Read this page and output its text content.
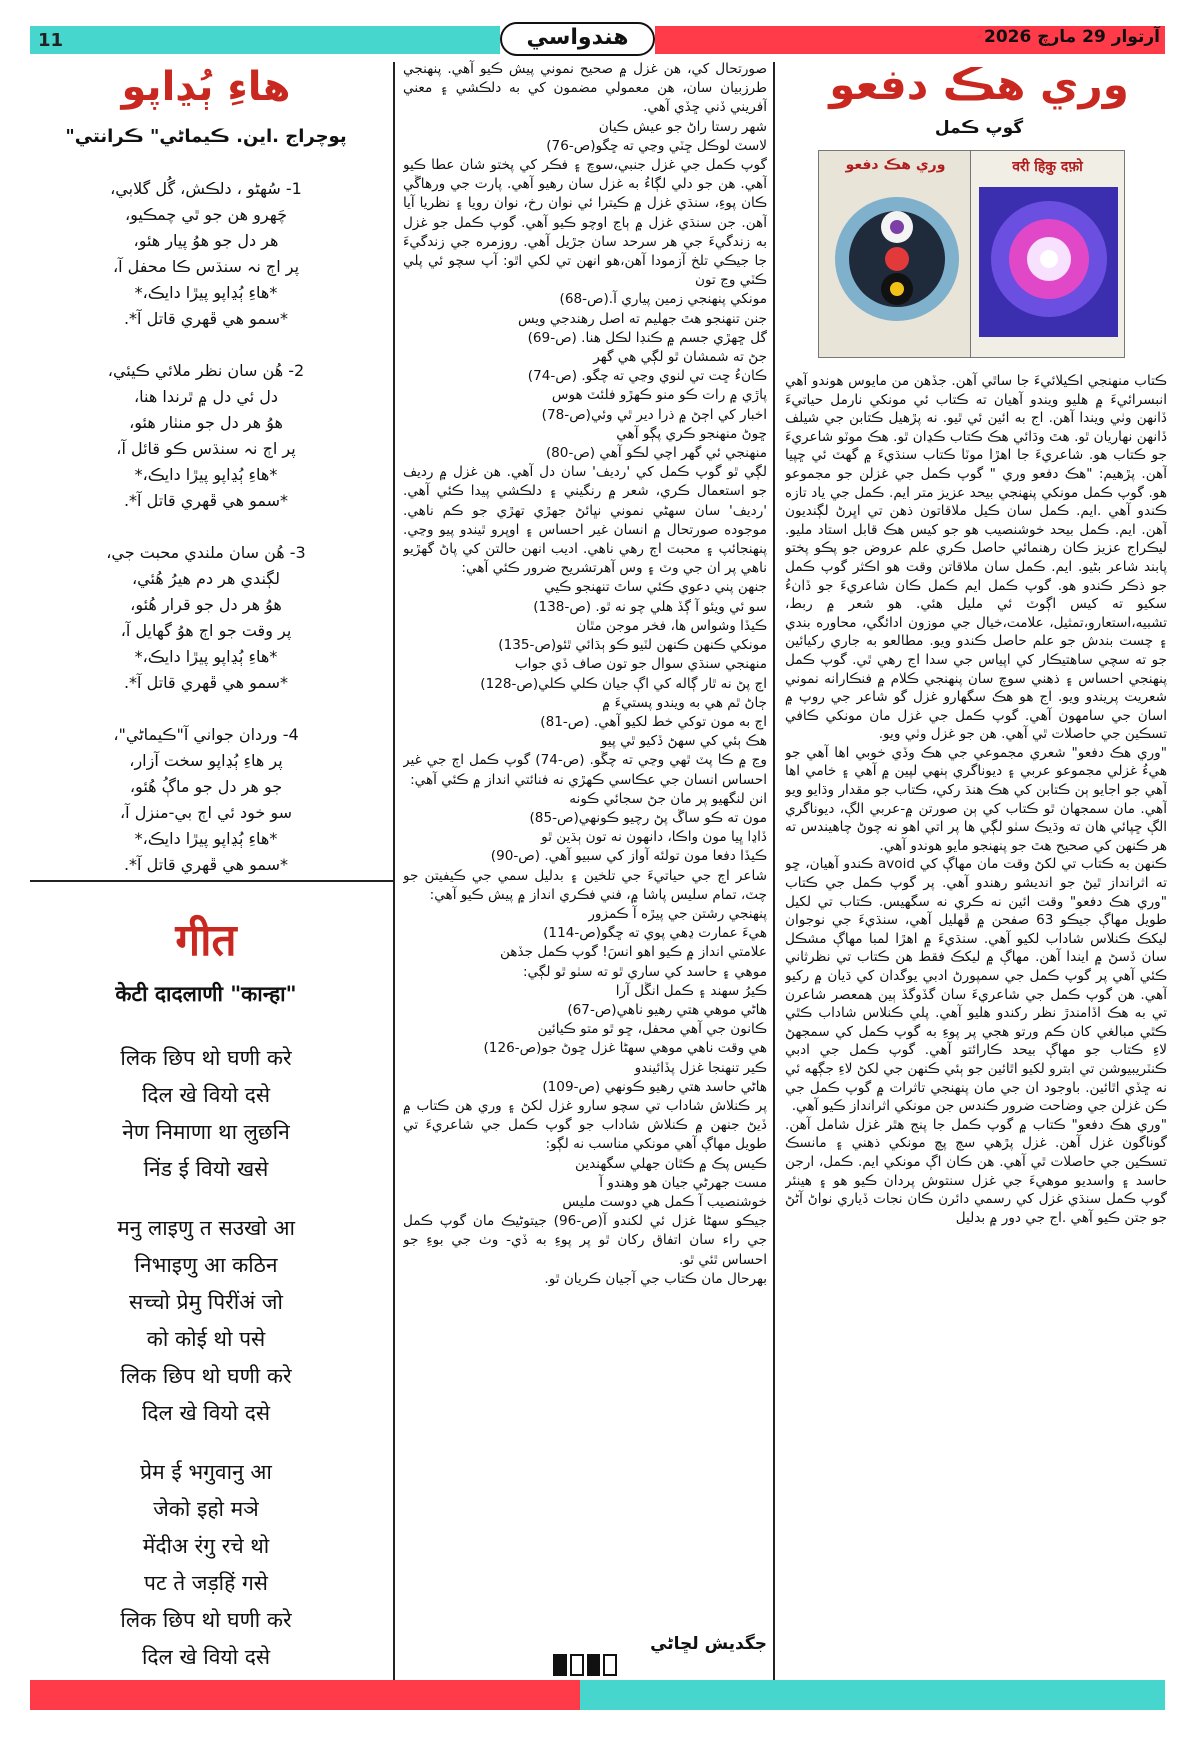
11	هندواسي	آرتوار 29 مارچ 2026
وري هڪ دفعو
گوپ ڪمل
وري هڪ دفعو	वरी हिकु दफ़ो

ڪتاب منهنجي اڪيلائيءَ جا ساٿي آهن. جڏهن من مايوس هوندو آهي انبسرائيءَ ۾ هليو ويندو آهيان ته ڪتاب ئي مونکي نارمل حياتيءَ ڏانهن وٺي ويندا آهن. اج به ائين ئي ٿيو. نه پڙهيل ڪتابن جي شيلف ڏانهن نهاريان ٿو. هٿ وڌائي هڪ ڪتاب ڪڍان ٿو. هڪ موٽو شاعريءَ جو ڪتاب هو. شاعريءَ جا اهڙا موٽا ڪتاب سنڌيءَ ۾ گهٽ ئي ڇپيا آهن. پڙهيم: "هڪ دفعو وري " گوپ ڪمل جي غزلن جو مجموعو هو. گوپ ڪمل مونکي پنهنجي بيحد عزيز متر ايم. ڪمل جي ياد تازه ڪندو آهي .ايم. ڪمل سان ڪيل ملاقاتون ذهن تي اڀرڻ لڳنديون آهن. ايم. ڪمل بيحد خوشنصيب هو جو کيس هڪ قابل استاد مليو. ليڪراج عزيز ڪان رهنمائي حاصل ڪري علم عروض جو پڪو پختو پابند شاعر بڻيو. ايم. ڪمل سان ملاقاتن وقت هو اڪثر گوپ ڪمل جو ذڪر ڪندو هو. گوپ ڪمل ايم ڪمل ڪان شاعريءَ جو ڏانءُ سکيو ته کيس اڳوٽ ئي مليل هئي. هو شعر ۾ ربط، تشبيه،استعارو،تمثيل، علامت،خيال جي موزون ادائگي، محاوره بندي ۽ چست بندش جو علم حاصل ڪندو ويو. مطالعو به جاري رکيائين جو ته سچي ساهتيڪار کي اپياس جي سدا اڃ رهي ٿي. گوپ ڪمل پنهنجي احساس ۽ ذهني سوچ سان پنهنجي ڪلام ۾ فنڪارانه نموني شعريت پريندو ويو. اج هو هڪ سگهارو غزل گو شاعر جي روپ ۾ اسان جي سامهون آهي. گوپ ڪمل جي غزل مان مونکي ڪافي تسڪين جي حاصلات ٿي آهي. هن جو غزل وٺي ويو.

"وري هڪ دفعو" شعري مجموعي جي هڪ وڏي خوبي اها آهي جو هيءُ غزلي مجموعو عربي ۽ ديوناگري ٻنهي لپين ۾ آهي ۽ خامي اها آهي جو اجايو ٻن ڪتابن کي هڪ هنڌ رکي، ڪتاب جو مقدار وڌايو ويو آهي. مان سمجهان ٿو ڪتاب کي ٻن صورتن ۾-عربي الڳ، ديوناگري الڳ ڇپائي هان ته وڌيڪ سٺو لڳي ها پر اتي اهو نه چوڻ چاهيندس ته هر ڪنهن کي صحيح هٿ جو پنهنجو مايو هوندو آهي.

ڪنهن به ڪتاب تي لکڻ وقت مان مهاڳ کي avoid ڪندو آهيان، ڇو ته اثرانداز ٿيڻ جو انديشو رهندو آهي. پر گوپ ڪمل جي ڪتاب "وري هڪ دفعو" وقت ائين نه ڪري نه سگهيس. ڪتاب تي لکيل طويل مهاڳ جيڪو 63 صفحن ۾ ڦهليل آهي، سنڌيءَ جي نوجوان ليکڪ ڪنلاس شاداب لکيو آهي. سنڌيءَ ۾ اهڙا لمبا مهاڳ مشڪل سان ڏسڻ ۾ ايندا آهن. مهاڳ ۾ ليکڪ فقط هن ڪتاب تي نظرثاني ڪئي آهي پر گوپ ڪمل جي سمپورڻ ادبي يوگدان کي ڌيان ۾ رکيو آهي. هن گوپ ڪمل جي شاعريءَ سان گڏوگڏ ٻين همعصر شاعرن تي به هڪ اڏامندڙ نظر رکندو هليو آهي. پلي ڪنلاس شاداب ڪٿي ڪٿي مبالغي کان ڪم ورتو هجي پر پوءِ به گوپ ڪمل کي سمجهڻ لاءِ ڪتاب جو مهاڳ بيحد ڪارائتو آهي. گوپ ڪمل جي ادبي ڪنٽريبيوشن تي ابترو لکيو اٿائين جو ٻئي ڪنهن جي لکڻ لاءِ جڳهه ئي نه ڇڏي اٿائين. باوجود ان جي مان پنهنجي تاثرات ۾ گوپ ڪمل جي ڪن غزلن جي وضاحت ضرور ڪندس جن مونکي اثرانداز ڪيو آهي.

"وري هڪ دفعو" ڪتاب ۾ گوپ ڪمل جا پنج هٿر غزل شامل آهن. گوناگون غزل آهن. غزل پڙهي سڄ پچ مونکي ذهني ۽ مانسڪ تسڪين جي حاصلات ٿي آهي. هن ڪان اڳ مونکي ايم. ڪمل، ارجن حاسد ۽ واسديو موهيءَ جي غزل سنتوش پردان ڪيو هو ۽ هينئر گوپ ڪمل سنڌي غزل کي رسمي دائرن ڪان نجات ڏياري نواڻ آڻڻ جو جتن ڪيو آهي .اج جي دور ۾ بدليل

صورتحال کي، هن غزل ۾ صحيح نموني پيش ڪيو آهي. پنهنجي طرزبيان سان، هن معمولي مضمون کي به دلڪشي ۽ معني آفريني ڏني ڇڏي آهي.
شهر رستا راڻ جو عيش ڪيان
لاسٽ لوڪل ڇٽي وڃي ته ڇگو(ص-76)
گوپ ڪمل جي غزل جنبي،سوچ ۽ فڪر کي پختو شان عطا ڪيو آهي. هن جو دلي لڳاءُ به غزل سان رهيو آهي. پارت جي ورهاڱي ڪان پوءِ، سنڌي غزل ۾ ڪيترا ئي نوان رخ، نوان رويا ۽ نظريا آيا آهن. جن سنڌي غزل ۾ ٻاڃ اوچو ڪيو آهي. گوپ ڪمل جو غزل به زندگيءَ جي هر سرحد سان جڙيل آهي. روزمره جي زندگيءَ جا جيڪي تلخ آزمودا آهن،هو انهن تي لکي اٿو: آپ سچو ئي پلي ڪٽي وڃ تون
مونکي پنهنجي زمين پياري آ.(ص-68)
جنن تنهنجو هٿ جهليم ته اصل رهندجي ويس
گل ڇهڙي جسم ۾ ڪنڊا لڪل هنا. (ص-69)
جڻ ته شمشان ٿو لڳي هي گهر
ڪانءُ ڇت تي لنوي وڃي ته چگو. (ص-74)
پاڙي ۾ رات ڪو منو ڪهڙو فلئٽ هوس
اخبار کي اڄڻ ۾ ذرا دير ٿي وئي(ص-78)
ڇوڻ منهنجو ڪري پڳو آهي
منهنجي ئي گهر اچي لڪو آهي (ص-80)
لڳي ٿو گوپ ڪمل کي 'رديف' سان دل آهي. هن غزل ۾ رديف جو استعمال ڪري، شعر ۾ رنگيني ۽ دلڪشي پيدا ڪئي آهي. 'رديف' سان سهڻي نموني نڀائڻ جهڙي تهڙي جو ڪم ناهي. موجوده صورتحال ۾ انسان غير احساس ۽ اوپرو ٿيندو پيو وڃي. پنهنجائپ ۽ محبت اڄ رهي ناهي. اديب انهن حالتن کي پاڻ گهڙيو ناهي پر ان جي وٽ ۽ وس آهرتشريح ضرور ڪئي آهي:
جنهن پني دعوي ڪئي ساٿ تنهنجو ڪيي
سو ئي ويئو آ ڳڏ هلي چو نه ٿو. (ص-138)
ڪيڏا وشواس ها، فخر موجن مٿان
مونکي ڪنهن ڪنهن لٽيو ڪو ٻڌائي ٿئو(ص-135)
منهنجي سنڌي سوال جو تون صاف ڏي جواب
اڄ پڻ نه ٿار ڳاله کي اڳ جيان ڪلي ڪلي(ص-128)
ڄاڻ ٿم هي به ويندو پستيءَ ۾
اڄ به مون توکي خط لکيو آهي. (ص-81)
هڪ ٻئي کي سهڻ ڏکيو ٿي پيو
وڃ ۾ ڪا پٽ ٿهي وڃي ته چڱو. (ص-74) گوپ ڪمل اڄ جي غير احساس انسان جي عڪاسي ڪهڙي نه فنائتي انداز ۾ ڪئي آهي:
انن لنگهيو پر مان جڻ سجائي ڪونه
مون ته ڪو ساڱ پڻ رچيو ڪونهي(ص-85)
ڏاڍا ڀيا مون واڪا، دانهون نه تون ٻڌين ٿو
ڪيڏا دفعا مون تولئه آواز کي سبيو آهي. (ص-90)
شاعر اڄ جي حياتيءَ جي تلخين ۽ بدليل سمي جي ڪيفيتن جو چٽ، تمام سليس پاشا ۾، فني فڪري انداز ۾ پيش ڪيو آهي:
پنهنجي رشتن جي پيڙه آ ڪمزور
هيءَ عمارت ڍهي پوي ته ڇگو(ص-114)
علامتي انداز ۾ ڪيو اهو انسَ! گوپ ڪمل جڏهن
موهي ۽ حاسد کي ساري ٿو ته سٺو ٿو لڳي:
ڪيرُ سهند ۽ ڪمل انڱل آرا
هاڻي موهي هتي رهيو ناهي(ص-67)
ڪانون جي آهي محفل، ڇو ٿو متو ڪيائين
هي وقت ناهي موهي سهڻا غزل ڇوڻ جو(ص-126)
ڪير تنهنجا غزل پڏائيندو
هاڻي حاسد هتي رهيو ڪونهي (ص-109)
پر ڪنلاش شاداب تي سچو سارو غزل لکڻ ۽ وري هن ڪتاب ۾ ڏيڻ جنهن ۾ ڪنلاش شاداب جو گوپ ڪمل جي شاعريءَ تي طويل مهاڳ آهي مونکي مناسب نه لڳو:
ڪيس پڪ ۾ ڪٿان جهلي سگهندين
مست جهرڻي جيان هو وهندو آ
خوشنصيب آ ڪمل هي دوست مليس
جيڪو سهڻا غزل ئي لکندو آ(ص-96) جيتوڻيڪ مان گوپ ڪمل جي راء سان اتفاق رکان ٿو پر پوءِ به ڏي- وٺ جي بوءِ جو احساس ٿئي ٿو.
بهرحال مان ڪتاب جي آجيان ڪريان ٿو.
جگديش لڇاڻي
هاءِ ٻُڍاپو
پوچراج .اين. ڪيماڻي" ڪرانتي"
1- سُهڻو ، دلڪش، گُل گلابي،
چَهرو هن جو ٿي چمڪيو،
هر دل جو هوُ پيار هئو،
پر اڄ نہ سنڌس ڪا محفل آ،
*هاءِ ٻُڍاپو پيڙا دايڪ،*
*سمو هي ڦهري قاتل آ*.
2- هُن سان نظر ملائي ڪيئي،
دل ئي دل ۾ ٿرندا هنا،
هوُ هر دل جو منٺار هئو،
پر اڄ نہ سنڌس ڪو قائل آ،
*هاءِ ٻُڍاپو پيڙا دايڪ،*
*سمو هي ڦهري قاتل آ*.
3- هُن سان ملندي محبت جي،
لڳندي هر دم هيرُ هُئي،
هوُ هر دل جو قرار هُئو،
پر وقت جو اڄ هوُ گهايل آ،
*هاءِ ٻُڍاپو پيڙا دايڪ،*
*سمو هي ڦهري قاتل آ*.
4- وردان جواني آ"ڪيماڻي"،
پر هاءِ ٻُڍاپو سخت آزار،
جو هر دل جو ماڳُ هُئو،
سو خود ئي اڄ بي-منزل آ،
*هاءِ ٻُڍاپو پيڙا دايڪ،*
*سمو هي ڦهري قاتل آ*.
गीत
केटी दादलाणी "कान्हा"
लिक छिप थो घणी करे
दिल खे वियो दसे
नेण निमाणा था लुछनि
निंड ई वियो खसे
मनु लाइणु त सउखो आ
निभाइणु आ कठिन
सच्चो प्रेमु पिरींअं जो
को कोई थो पसे
लिक छिप थो घणी करे
दिल खे वियो दसे
प्रेम ई भगुवानु आ
जेको इहो मञे
मेंदीअ रंगु रचे थो
पट ते जड़हिं गसे
लिक छिप थो घणी करे
दिल खे वियो दसे
